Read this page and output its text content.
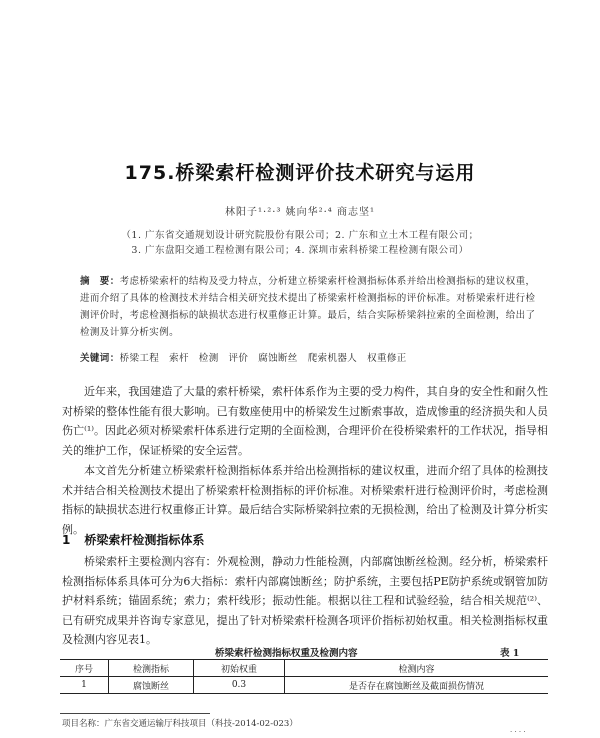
175.桥梁索杆检测评价技术研究与运用
林阳子¹·²·³ 姚向华²·⁴ 商志坚¹
（1. 广东省交通规划设计研究院股份有限公司；2. 广东和立土木工程有限公司；
3. 广东盘阳交通工程检测有限公司；4. 深圳市索科桥梁工程检测有限公司）
摘　要：考虑桥梁索杆的结构及受力特点，分析建立桥梁索杆检测指标体系并给出检测指标的建议权重，进而介绍了具体的检测技术并结合相关研究技术提出了桥梁索杆检测指标的评价标准。对桥梁索杆进行检测评价时，考虑检测指标的缺损状态进行权重修正计算。最后，结合实际桥梁斜拉索的全面检测，给出了检测及计算分析实例。
关键词：桥梁工程　索杆　检测　评价　腐蚀断丝　爬索机器人　权重修正
近年来，我国建造了大量的索杆桥梁，索杆体系作为主要的受力构件，其自身的安全性和耐久性对桥梁的整体性能有很大影响。已有数座使用中的桥梁发生过断索事故，造成惨重的经济损失和人员伤亡⁽¹⁾。因此必须对桥梁索杆体系进行定期的全面检测，合理评价在役桥梁索杆的工作状况，指导相关的维护工作，保证桥梁的安全运营。
本文首先分析建立桥梁索杆检测指标体系并给出检测指标的建议权重，进而介绍了具体的检测技术并结合相关检测技术提出了桥梁索杆检测指标的评价标准。对桥梁索杆进行检测评价时，考虑检测指标的缺损状态进行权重修正计算。最后结合实际桥梁斜拉索的无损检测，给出了检测及计算分析实例。
1 桥梁索杆检测指标体系
桥梁索杆主要检测内容有：外观检测，静动力性能检测，内部腐蚀断丝检测。经分析，桥梁索杆检测指标体系具体可分为6大指标：索杆内部腐蚀断丝；防护系统，主要包括PE防护系统或钢管加防护材料系统；锚固系统；索力；索杆线形；振动性能。根据以往工程和试验经验，结合相关规范⁽²⁾、已有研究成果并咨询专家意见，提出了针对桥梁索杆检测各项评价指标初始权重。相关检测指标权重及检测内容见表1。
桥梁索杆检测指标权重及检测内容	表 1
序号	检测指标	初始权重	检测内容
1	腐蚀断丝	0.3	是否存在腐蚀断丝及截面损伤情况
项目名称：广东省交通运输厅科技项目（科技-2014-02-023）
· · · ·
